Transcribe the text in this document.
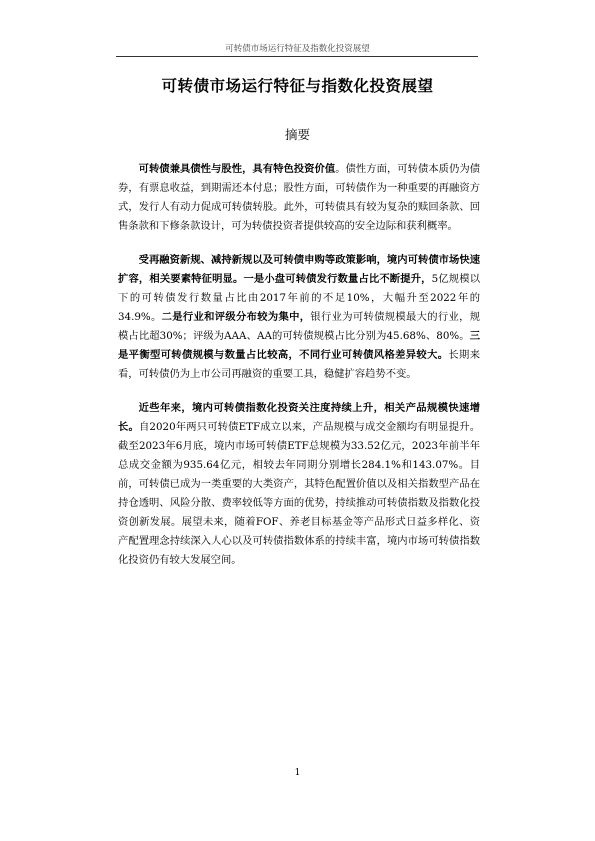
可转债市场运行特征及指数化投资展望
可转债市场运行特征与指数化投资展望
摘要

可转债兼具债性与股性，具有特色投资价值。债性方面，可转债本质仍为债券，有票息收益，到期需还本付息；股性方面，可转债作为一种重要的再融资方式，发行人有动力促成可转债转股。此外，可转债具有较为复杂的赎回条款、回售条款和下修条款设计，可为转债投资者提供较高的安全边际和获利概率。

受再融资新规、减持新规以及可转债申购等政策影响，境内可转债市场快速扩容，相关要素特征明显。一是小盘可转债发行数量占比不断提升，5亿规模以下的可转债发行数量占比由2017年前的不足10%，大幅升至2022年的34.9%。二是行业和评级分布较为集中，银行业为可转债规模最大的行业，规模占比超30%；评级为AAA、AA的可转债规模占比分别为45.68%、80%。三是平衡型可转债规模与数量占比较高，不同行业可转债风格差异较大。长期来看，可转债仍为上市公司再融资的重要工具，稳健扩容趋势不变。

近些年来，境内可转债指数化投资关注度持续上升，相关产品规模快速增长。自2020年两只可转债ETF成立以来，产品规模与成交金额均有明显提升。截至2023年6月底，境内市场可转债ETF总规模为33.52亿元，2023年前半年总成交金额为935.64亿元，相较去年同期分别增长284.1%和143.07%。目前，可转债已成为一类重要的大类资产，其特色配置价值以及相关指数型产品在持仓透明、风险分散、费率较低等方面的优势，持续推动可转债指数及指数化投资创新发展。展望未来，随着FOF、养老目标基金等产品形式日益多样化、资产配置理念持续深入人心以及可转债指数体系的持续丰富，境内市场可转债指数化投资仍有较大发展空间。

1
